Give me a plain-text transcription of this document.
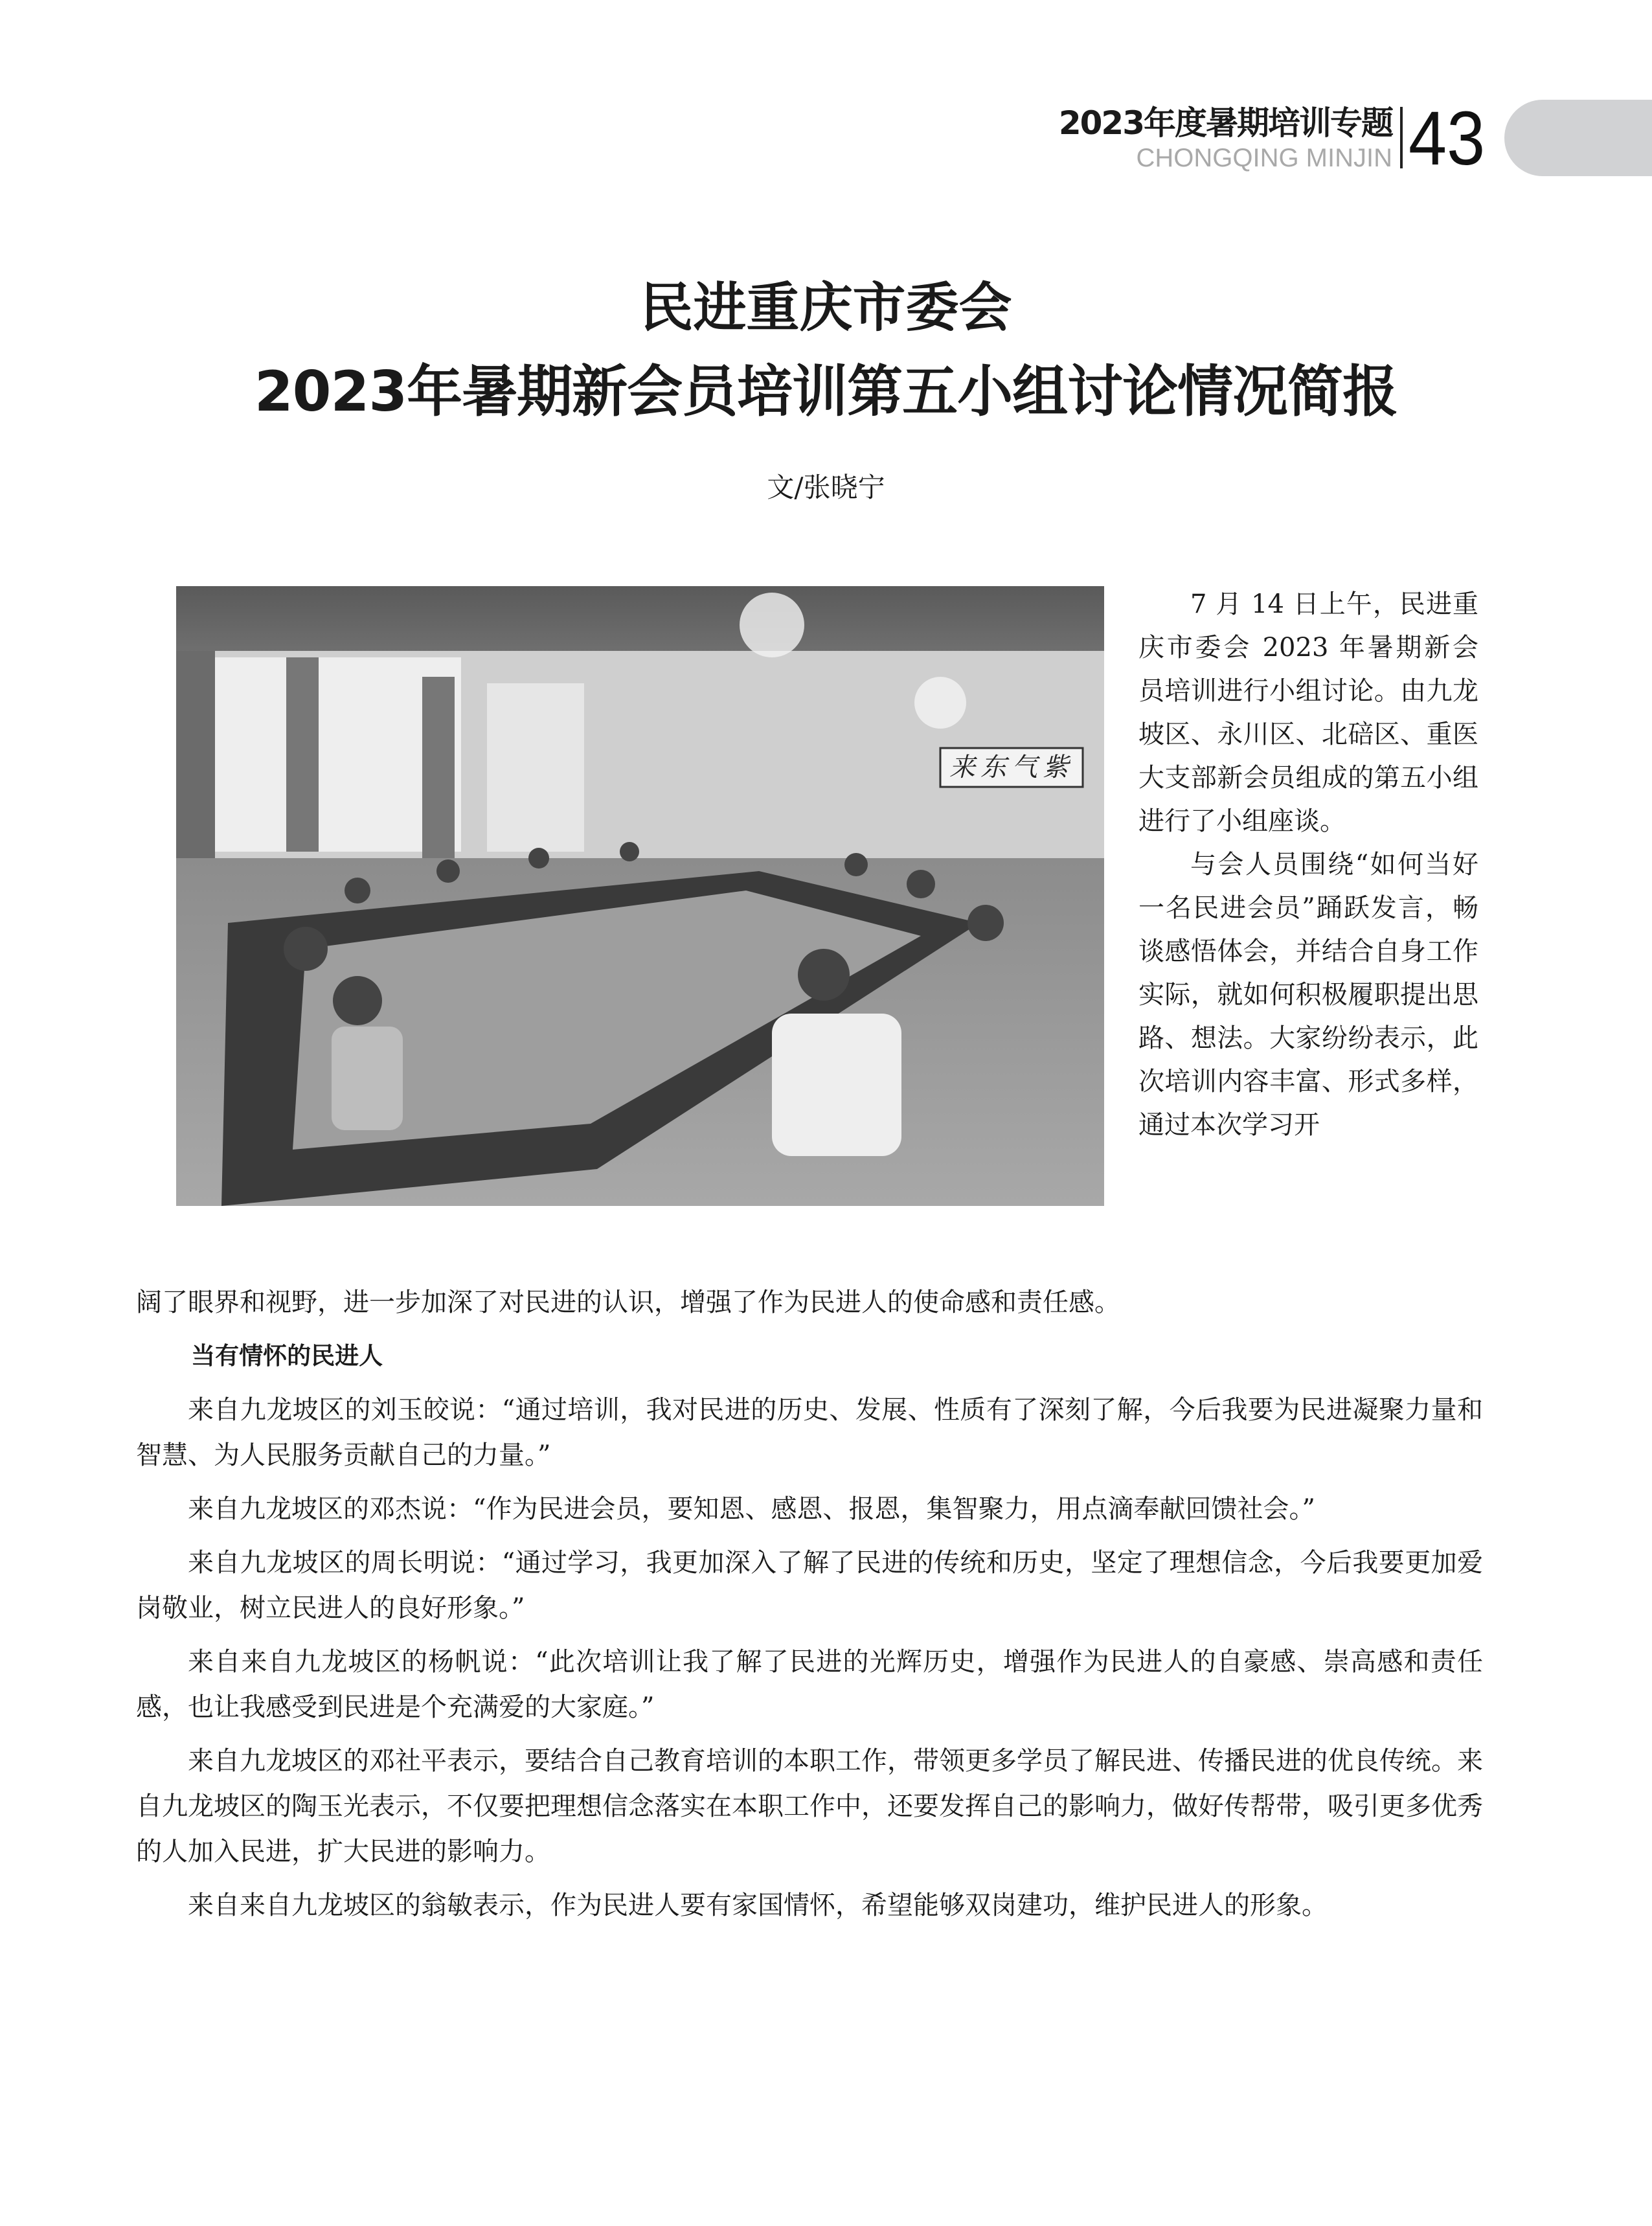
2023年度暑期培训专题
CHONGQING MINJIN 43
民进重庆市委会
2023年暑期新会员培训第五小组讨论情况简报
文/张晓宁
紫气东来

7 月 14 日上午，民进重庆市委会 2023 年暑期新会员培训进行小组讨论。由九龙坡区、永川区、北碚区、重医大支部新会员组成的第五小组进行了小组座谈。

与会人员围绕“如何当好一名民进会员”踊跃发言，畅谈感悟体会，并结合自身工作实际，就如何积极履职提出思路、想法。大家纷纷表示，此次培训内容丰富、形式多样，通过本次学习开

阔了眼界和视野，进一步加深了对民进的认识，增强了作为民进人的使命感和责任感。

当有情怀的民进人

来自九龙坡区的刘玉皎说：“通过培训，我对民进的历史、发展、性质有了深刻了解，今后我要为民进凝聚力量和智慧、为人民服务贡献自己的力量。”

来自九龙坡区的邓杰说：“作为民进会员，要知恩、感恩、报恩，集智聚力，用点滴奉献回馈社会。”

来自九龙坡区的周长明说：“通过学习，我更加深入了解了民进的传统和历史，坚定了理想信念，今后我要更加爱岗敬业，树立民进人的良好形象。”

来自来自九龙坡区的杨帆说：“此次培训让我了解了民进的光辉历史，增强作为民进人的自豪感、崇高感和责任感，也让我感受到民进是个充满爱的大家庭。”

来自九龙坡区的邓社平表示，要结合自己教育培训的本职工作，带领更多学员了解民进、传播民进的优良传统。来自九龙坡区的陶玉光表示，不仅要把理想信念落实在本职工作中，还要发挥自己的影响力，做好传帮带，吸引更多优秀的人加入民进，扩大民进的影响力。

来自来自九龙坡区的翁敏表示，作为民进人要有家国情怀，希望能够双岗建功，维护民进人的形象。
